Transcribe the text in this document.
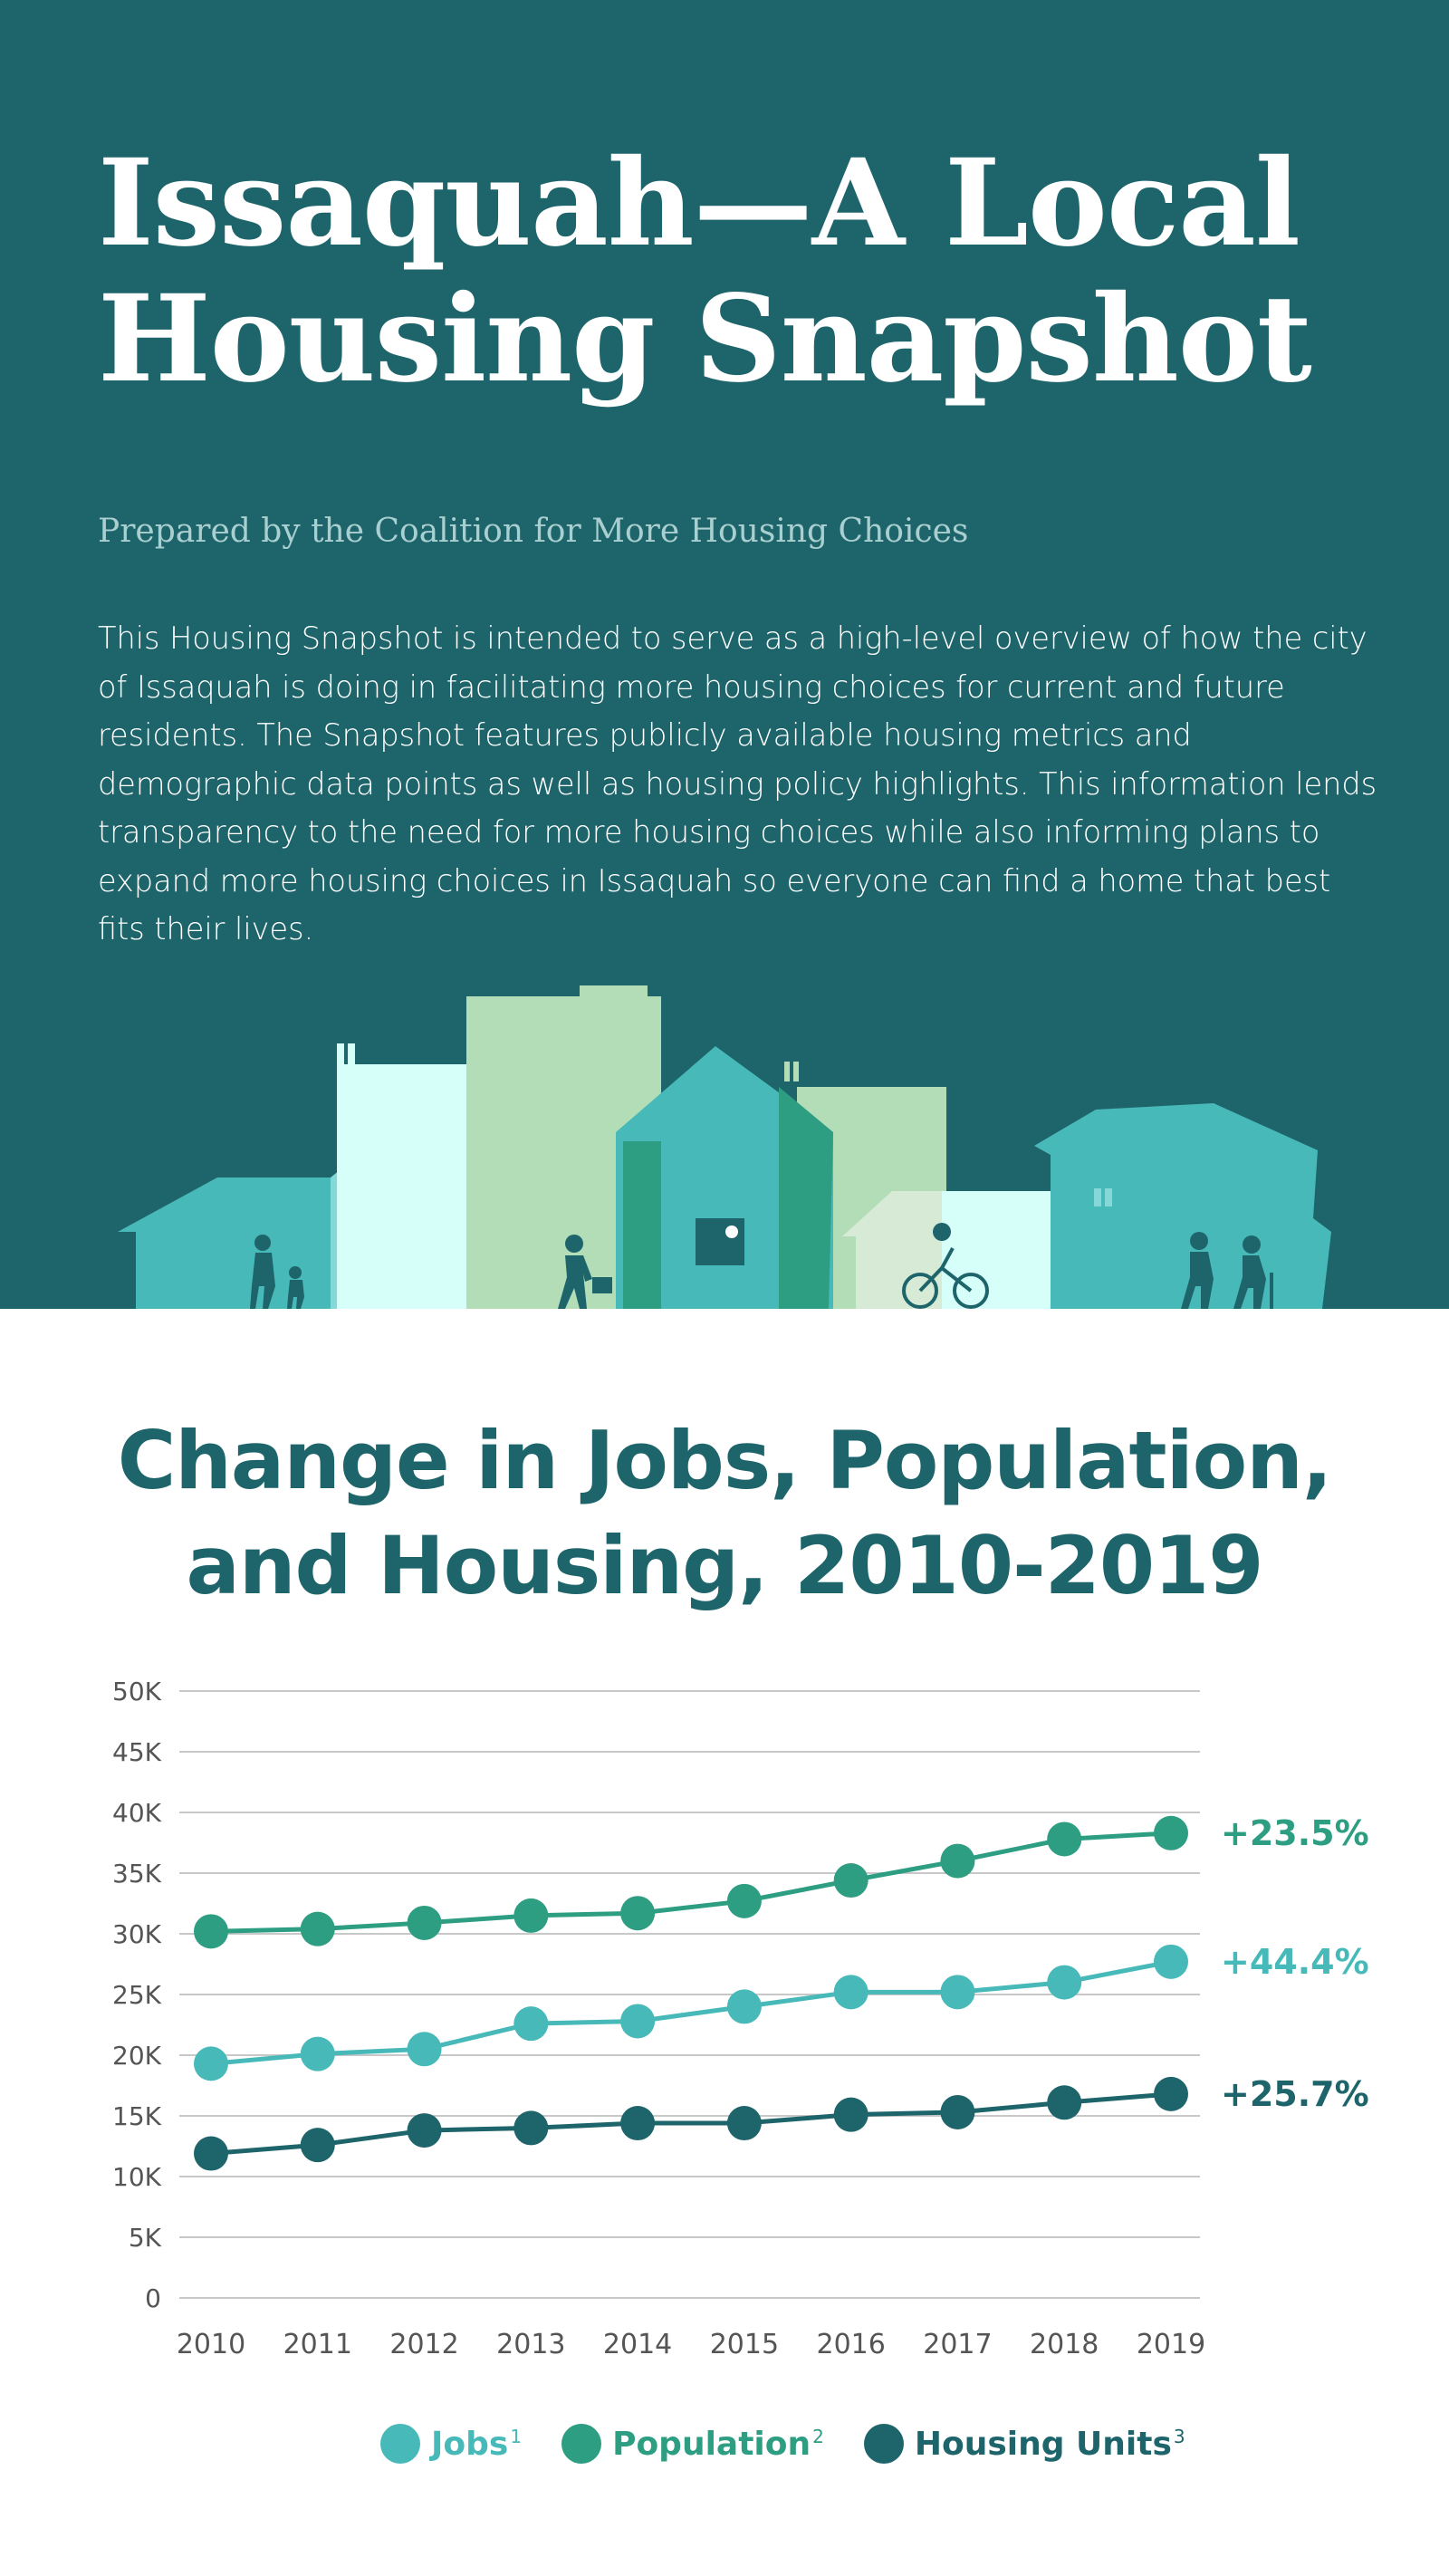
Issaquah—A Local
Housing Snapshot

Prepared by the Coalition for More Housing Choices

This Housing Snapshot is intended to serve as a high-level overview of how the city of Issaquah is doing in facilitating more housing choices for current and future residents. The Snapshot features publicly available housing metrics and demographic data points as well as housing policy highlights. This information lends transparency to the need for more housing choices while also informing plans to expand more housing choices in Issaquah so everyone can find a home that best fits their lives.

Change in Jobs, Population,
and Housing, 2010-2019
0
5K
10K
15K
20K
25K
30K
35K
40K
45K
50K
2010 2011 2012 2013 2014 2015 2016 2017 2018 2019
+23.5%
+44.4%
+25.7%
Jobs $^1$	Population $^2$	Housing Units $^3$
